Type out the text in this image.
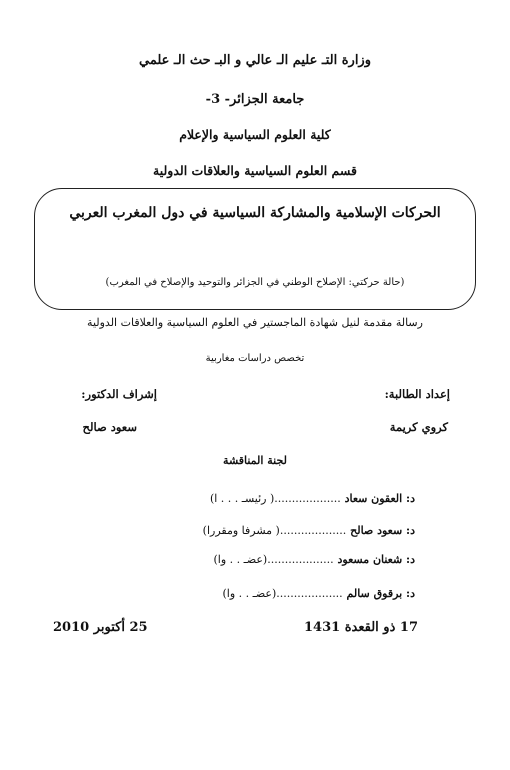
وزارة التـ عليم الـ عالي و البـ حث الـ علمي
جامعة الجزائر- 3-
كلية العلوم السياسية والإعلام
قسم العلوم السياسية والعلاقات الدولية
الحركات الإسلامية والمشاركة السياسية في دول المغرب العربي
(حالة حركتي: الإصلاح الوطني في الجزائر والتوحيد والإصلاح في المغرب)
رسالة مقدمة لنيل شهادة الماجستير في العلوم السياسية والعلاقات الدولية
تخصص دراسات مغاربية
إعداد الطالبة:
إشراف الدكتور:
كروي كريمة
سعود صالح
لجنة المناقشة
د: العقون سعاد ...................( رئيسـ . . . ا)
د: سعود صالح ...................( مشرفا ومقررا)
د: شعنان مسعود ...................(عضـ . . وا)
د: برقوق سالم ...................(عضـ . . وا)
17 ذو القعدة 1431
25 أكتوبر 2010
